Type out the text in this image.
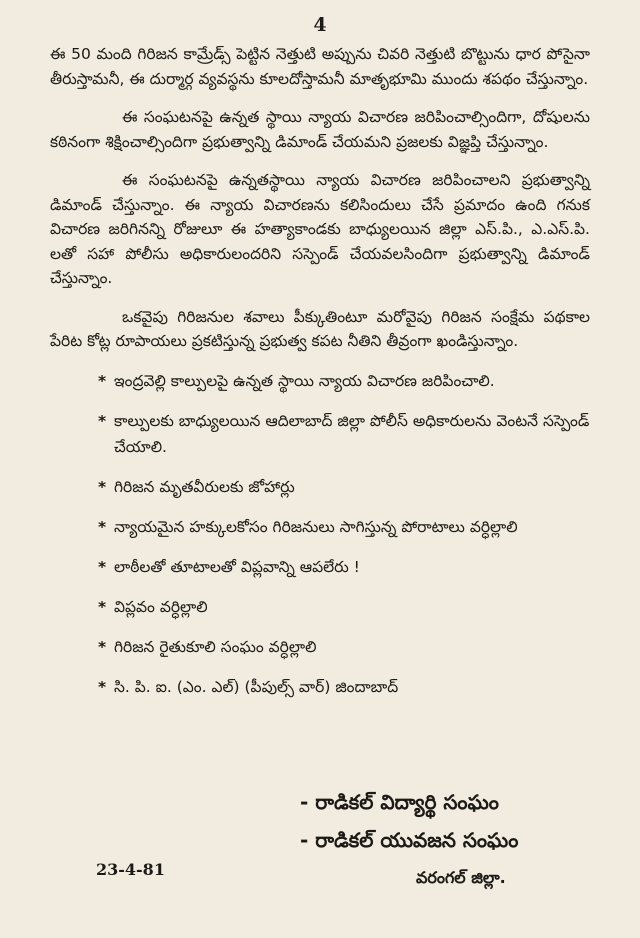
4

ఈ 50 మంది గిరిజన కామ్రేడ్స్ పెట్టిన నెత్తుటి అప్పును చివరి నెత్తుటి బొట్టును ధార పోసైనా తీరుస్తామనీ, ఈ దుర్మార్గ వ్యవస్థను కూలదోస్తామనీ మాతృభూమి ముందు శపథం చేస్తున్నాం.

ఈ సంఘటనపై ఉన్నత స్థాయి న్యాయ విచారణ జరిపించాల్సిందిగా, దోషులను కఠినంగా శిక్షించాల్సిందిగా ప్రభుత్వాన్ని డిమాండ్ చేయమని ప్రజలకు విజ్ఞప్తి చేస్తున్నాం.

ఈ సంఘటనపై ఉన్నతస్థాయి న్యాయ విచారణ జరిపించాలని ప్రభుత్వాన్ని డిమాండ్ చేస్తున్నాం. ఈ న్యాయ విచారణను కలిసిందులు చేసే ప్రమాదం ఉంది గనుక విచారణ జరిగినన్ని రోజులూ ఈ హత్యాకాండకు బాధ్యులయిన జిల్లా ఎస్.పి., ఎ.ఎస్.పి. లతో సహా పోలీసు అధికారులందరిని సస్పెండ్ చేయవలసిందిగా ప్రభుత్వాన్ని డిమాండ్ చేస్తున్నాం.

ఒకవైపు గిరిజనుల శవాలు పీక్కుతింటూ మరోవైపు గిరిజన సంక్షేమ పథకాల పేరిట కోట్ల రూపాయలు ప్రకటిస్తున్న ప్రభుత్వ కపట నీతిని తీవ్రంగా ఖండిస్తున్నాం.

* ఇంద్రవెల్లి కాల్పులపై ఉన్నత స్థాయి న్యాయ విచారణ జరిపించాలి.
* కాల్పులకు బాధ్యులయిన ఆదిలాబాద్ జిల్లా పోలీస్ అధికారులను వెంటనే సస్పెండ్ చేయాలి.
* గిరిజన మృతవీరులకు జోహార్లు
* న్యాయమైన హక్కులకోసం గిరిజనులు సాగిస్తున్న పోరాటాలు వర్ధిల్లాలి
* లాఠీలతో తూటాలతో విప్లవాన్ని ఆపలేరు !
* విప్లవం వర్ధిల్లాలి
* గిరిజన రైతుకూలి సంఘం వర్ధిల్లాలి
* సి. పి. ఐ. (ఎం. ఎల్) (పీపుల్స్ వార్) జిందాబాద్
- రాడికల్ విద్యార్థి సంఘం
- రాడికల్ యువజన సంఘం
23-4-81	వరంగల్ జిల్లా.
